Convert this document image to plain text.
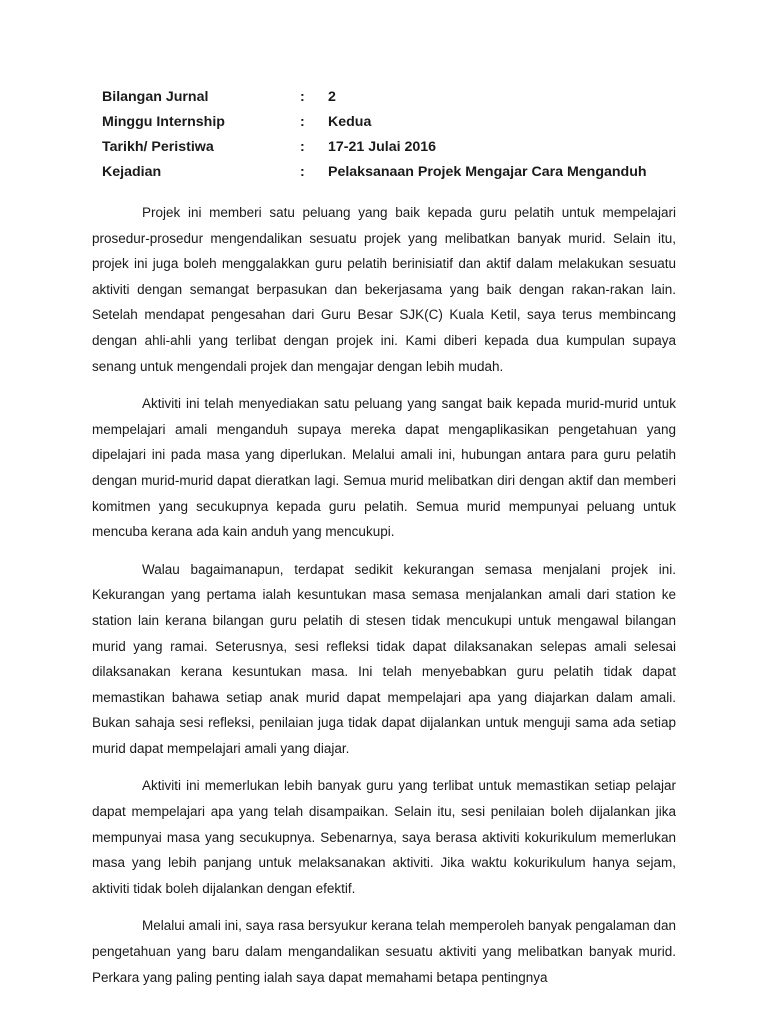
Bilangan Jurnal	:	2
Minggu Internship	:	Kedua
Tarikh/ Peristiwa	:	17-21 Julai 2016
Kejadian	:	Pelaksanaan Projek Mengajar Cara Menganduh

Projek ini memberi satu peluang yang baik kepada guru pelatih untuk mempelajari prosedur-prosedur mengendalikan sesuatu projek yang melibatkan banyak murid. Selain itu, projek ini juga boleh menggalakkan guru pelatih berinisiatif dan aktif dalam melakukan sesuatu aktiviti dengan semangat berpasukan dan bekerjasama yang baik dengan rakan-rakan lain. Setelah mendapat pengesahan dari Guru Besar SJK(C) Kuala Ketil, saya terus membincang dengan ahli-ahli yang terlibat dengan projek ini. Kami diberi kepada dua kumpulan supaya senang untuk mengendali projek dan mengajar dengan lebih mudah.

Aktiviti ini telah menyediakan satu peluang yang sangat baik kepada murid-murid untuk mempelajari amali menganduh supaya mereka dapat mengaplikasikan pengetahuan yang dipelajari ini pada masa yang diperlukan. Melalui amali ini, hubungan antara para guru pelatih dengan murid-murid dapat dieratkan lagi. Semua murid melibatkan diri dengan aktif dan memberi komitmen yang secukupnya kepada guru pelatih. Semua murid mempunyai peluang untuk mencuba kerana ada kain anduh yang mencukupi.

Walau bagaimanapun, terdapat sedikit kekurangan semasa menjalani projek ini. Kekurangan yang pertama ialah kesuntukan masa semasa menjalankan amali dari station ke station lain kerana bilangan guru pelatih di stesen tidak mencukupi untuk mengawal bilangan murid yang ramai. Seterusnya, sesi refleksi tidak dapat dilaksanakan selepas amali selesai dilaksanakan kerana kesuntukan masa. Ini telah menyebabkan guru pelatih tidak dapat memastikan bahawa setiap anak murid dapat mempelajari apa yang diajarkan dalam amali. Bukan sahaja sesi refleksi, penilaian juga tidak dapat dijalankan untuk menguji sama ada setiap murid dapat mempelajari amali yang diajar.

Aktiviti ini memerlukan lebih banyak guru yang terlibat untuk memastikan setiap pelajar dapat mempelajari apa yang telah disampaikan. Selain itu, sesi penilaian boleh dijalankan jika mempunyai masa yang secukupnya. Sebenarnya, saya berasa aktiviti kokurikulum memerlukan masa yang lebih panjang untuk melaksanakan aktiviti. Jika waktu kokurikulum hanya sejam, aktiviti tidak boleh dijalankan dengan efektif.

Melalui amali ini, saya rasa bersyukur kerana telah memperoleh banyak pengalaman dan pengetahuan yang baru dalam mengandalikan sesuatu aktiviti yang melibatkan banyak murid. Perkara yang paling penting ialah saya dapat memahami betapa pentingnya
